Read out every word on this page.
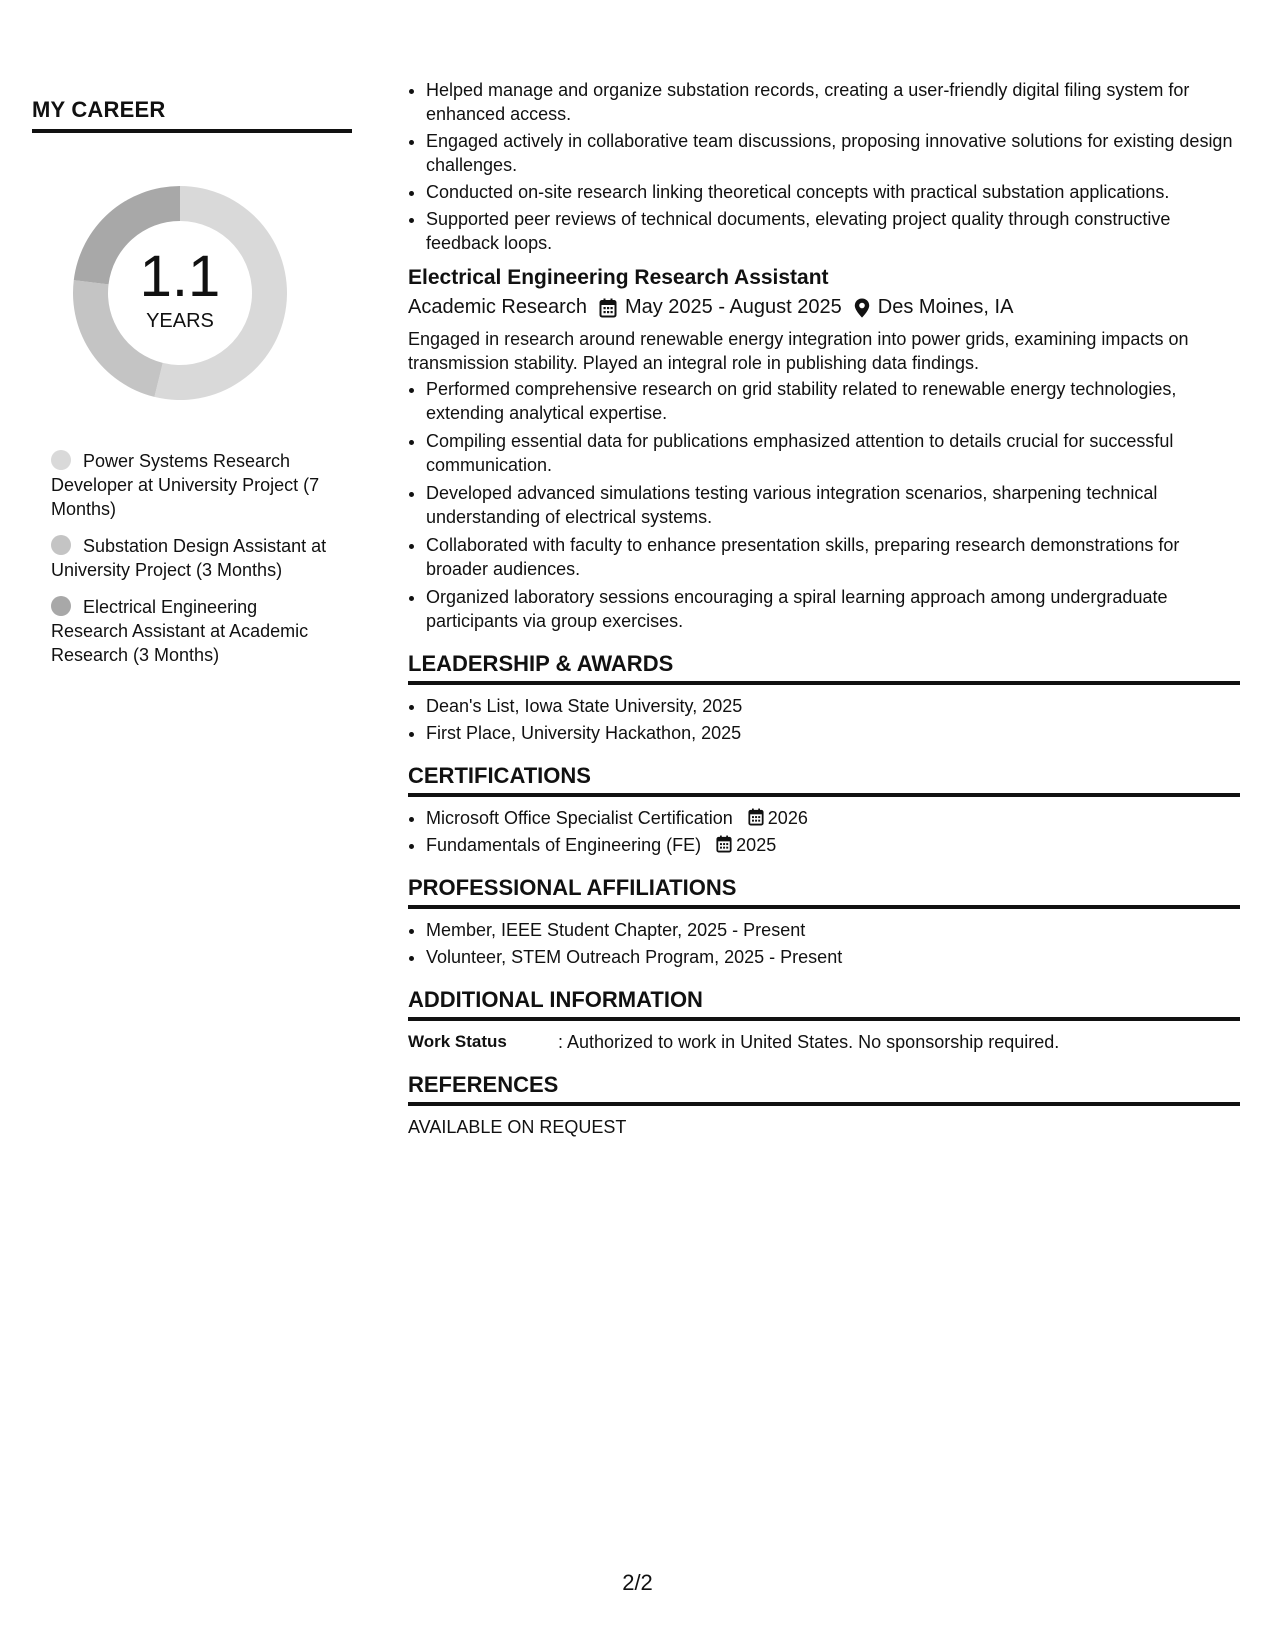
MY CAREER
1.1
YEARS
Power Systems Research Developer at University Project (7 Months)
Substation Design Assistant at University Project (3 Months)
Electrical Engineering Research Assistant at Academic Research (3 Months)
• Helped manage and organize substation records, creating a user-friendly digital filing system for enhanced access.
• Engaged actively in collaborative team discussions, proposing innovative solutions for existing design challenges.
• Conducted on-site research linking theoretical concepts with practical substation applications.
• Supported peer reviews of technical documents, elevating project quality through constructive feedback loops.
Electrical Engineering Research Assistant
Academic Research May 2025 - August 2025 Des Moines, IA
Engaged in research around renewable energy integration into power grids, examining impacts on transmission stability. Played an integral role in publishing data findings.
• Performed comprehensive research on grid stability related to renewable energy technologies, extending analytical expertise.
• Compiling essential data for publications emphasized attention to details crucial for successful communication.
• Developed advanced simulations testing various integration scenarios, sharpening technical understanding of electrical systems.
• Collaborated with faculty to enhance presentation skills, preparing research demonstrations for broader audiences.
• Organized laboratory sessions encouraging a spiral learning approach among undergraduate participants via group exercises.
LEADERSHIP & AWARDS
• Dean's List, Iowa State University, 2025
• First Place, University Hackathon, 2025
CERTIFICATIONS
• Microsoft Office Specialist Certification 2026
• Fundamentals of Engineering (FE) 2025
PROFESSIONAL AFFILIATIONS
• Member, IEEE Student Chapter, 2025 - Present
• Volunteer, STEM Outreach Program, 2025 - Present
ADDITIONAL INFORMATION
Work Status	: Authorized to work in United States. No sponsorship required.
REFERENCES
AVAILABLE ON REQUEST
2/2
